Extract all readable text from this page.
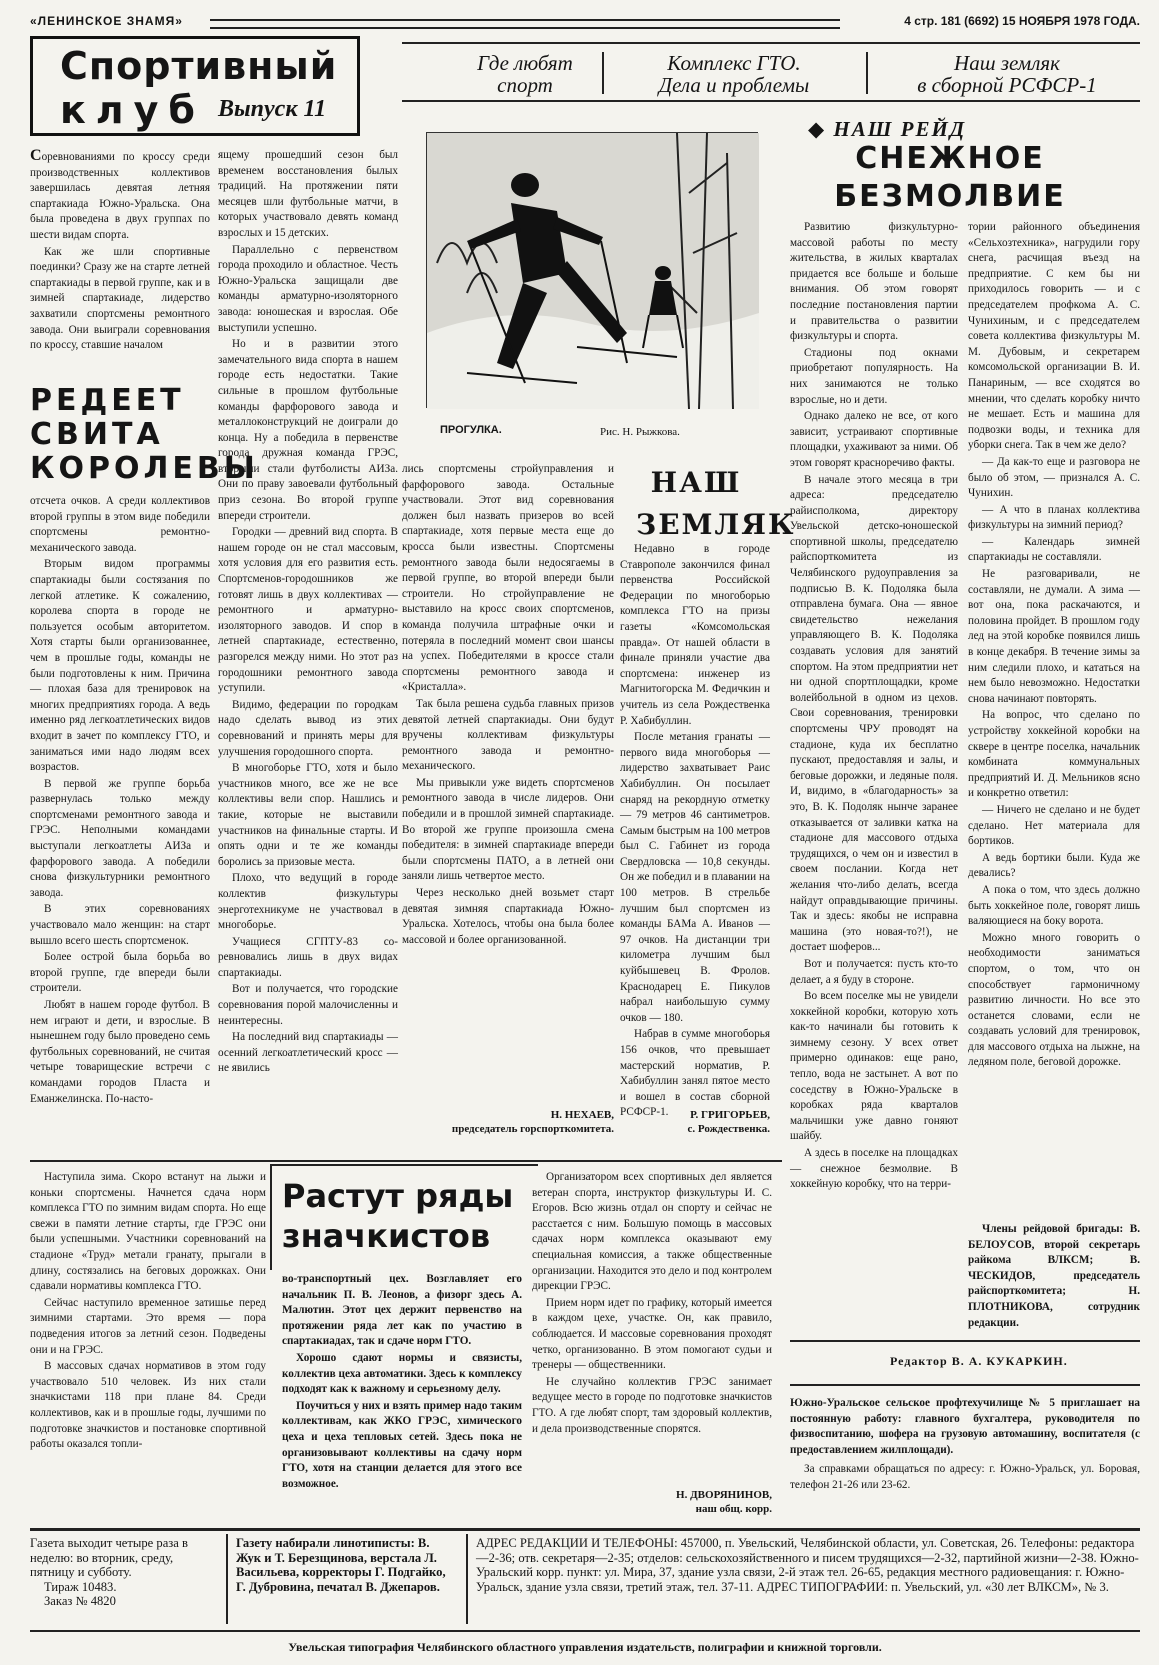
«ЛЕНИНСКОЕ ЗНАМЯ»	4 стр. 181 (6692) 15 НОЯБРЯ 1978 ГОДА.
Спортивный
клуб Выпуск 11
Где любят
спорт
Комплекс ГТО.
Дела и проблемы
Наш земляк
в сборной РСФСР-1

Соревнованиями по кроссу среди производственных коллективов завершилась девятая летняя спартакиада Южно-Уральска. Она была проведена в двух группах по шести видам спорта.

Как же шли спортивные поединки? Сразу же на старте летней спартакиады в первой группе, как и в зимней спартакиаде, лидерство захватили спортсмены ремонтного завода. Они выиграли соревнования по кроссу, ставшие началом

РЕДЕЕТ
СВИТА
КОРОЛЕВЫ

отсчета очков. А среди коллективов второй группы в этом виде победили спортсмены ремонтно-механического завода.

Вторым видом программы спартакиады были состязания по легкой атлетике. К сожалению, королева спорта в городе не пользуется особым авторитетом. Хотя старты были организованнее, чем в прошлые годы, команды не были подготовлены к ним. Причина — плохая база для тренировок на многих предприятиях города. А ведь именно ряд легкоатлетических видов входит в зачет по комплексу ГТО, и заниматься ими надо людям всех возрастов.

В первой же группе борьба развернулась только между спортсменами ремонтного завода и ГРЭС. Неполными командами выступали легкоатлеты АИЗа и фарфорового завода. А победили снова физкультурники ремонтного завода.

В этих соревнованиях участвовало мало женщин: на старт вышло всего шесть спортсменок.

Более острой была борьба во второй группе, где впереди были строители.

Любят в нашем городе футбол. В нем играют и дети, и взрослые. В нынешнем году было проведено семь футбольных соревнований, не считая четыре товарищеские встречи с командами городов Пласта и Еманжелинска. По-насто-

ящему прошедший сезон был временем восстановления былых традиций. На протяжении пяти месяцев шли футбольные матчи, в которых участвовало девять команд взрослых и 15 детских.

Параллельно с первенством города проходило и областное. Честь Южно-Уральска защищали две команды арматурно-изоляторного завода: юношеская и взрослая. Обе выступили успешно.

Но и в развитии этого замечательного вида спорта в нашем городе есть недостатки. Такие сильные в прошлом футбольные команды фарфорового завода и металлоконструкций не доиграли до конца. Ну а победила в первенстве города дружная команда ГРЭС, вторыми стали футболисты АИЗа. Они по праву завоевали футбольный приз сезона. Во второй группе впереди строители.

Городки — древний вид спорта. В нашем городе он не стал массовым, хотя условия для его развития есть. Спортсменов-городошников же готовят лишь в двух коллективах — ремонтного и арматурно-изоляторного заводов. И спор в летней спартакиаде, естественно, разгорелся между ними. Но этот раз городошники ремонтного завода уступили.

Видимо, федерации по городкам надо сделать вывод из этих соревнований и принять меры для улучшения городошного спорта.

В многоборье ГТО, хотя и было участников много, все же не все коллективы вели спор. Нашлись и такие, которые не выставили участников на финальные старты. И опять одни и те же команды боролись за призовые места.

Плохо, что ведущий в городе коллектив физкультуры энерготехникуме не участвовал в многоборье.

Учащиеся СГПТУ-83 соревновались лишь в двух видах спартакиады.

Вот и получается, что городские соревнования порой малочисленны и неинтересны.

На последний вид спартакиады — осенний легкоатлетический кросс — не явились

лись спортсмены стройуправления и фарфорового завода. Остальные участвовали. Этот вид соревнования должен был назвать призеров во всей спартакиаде, хотя первые места еще до кросса были известны. Спортсмены ремонтного завода были недосягаемы в первой группе, во второй впереди были строители. Но стройуправление не выставило на кросс своих спортсменов, команда получила штрафные очки и потеряла в последний момент свои шансы на успех. Победителями в кроссе стали спортсмены ремонтного завода и «Кристалла».

Так была решена судьба главных призов девятой летней спартакиады. Они будут вручены коллективам физкультуры ремонтного завода и ремонтно-механического.

Мы привыкли уже видеть спортсменов ремонтного завода в числе лидеров. Они победили и в прошлой зимней спартакиаде. Во второй же группе произошла смена победителя: в зимней спартакиаде впереди были спортсмены ПАТО, а в летней они заняли лишь четвертое место.

Через несколько дней возьмет старт девятая зимняя спартакиада Южно-Уральска. Хотелось, чтобы она была более массовой и более организованной.

Н. НЕХАЕВ,
председатель горспорткомитета.
ПРОГУЛКА.	Рис. Н. Рыжкова.
НАШ
ЗЕМЛЯК

Недавно в городе Ставрополе закончился финал первенства Российской Федерации по многоборью комплекса ГТО на призы газеты «Комсомольская правда». От нашей области в финале приняли участие два спортсмена: инженер из Магнитогорска М. Федичкин и учитель из села Рождественка Р. Хабибуллин.

После метания гранаты — первого вида многоборья — лидерство захватывает Раис Хабибуллин. Он посылает снаряд на рекордную отметку — 79 метров 46 сантиметров. Самым быстрым на 100 метров был С. Габинет из города Свердловска — 10,8 секунды. Он же победил и в плавании на 100 метров. В стрельбе лучшим был спортсмен из команды БАМа А. Иванов — 97 очков. На дистанции три километра лучшим был куйбышевец В. Фролов. Краснодарец Е. Пикулов набрал наибольшую сумму очков — 180.

Набрав в сумме многоборья 156 очков, что превышает мастерский норматив, Р. Хабибуллин занял пятое место и вошел в состав сборной РСФСР-1.	Р. ГРИГОРЬЕВ,
с. Рождественка.
◆ НАШ РЕЙД
СНЕЖНОЕ
БЕЗМОЛВИЕ

Развитию физкультурно-массовой работы по месту жительства, в жилых кварталах придается все больше и больше внимания. Об этом говорят последние постановления партии и правительства о развитии физкультуры и спорта.

Стадионы под окнами приобретают популярность. На них занимаются не только взрослые, но и дети.

Однако далеко не все, от кого зависит, устраивают спортивные площадки, ухаживают за ними. Об этом говорят красноречиво факты.

В начале этого месяца в три адреса: председателю райисполкома, директору Увельской детско-юношеской спортивной школы, председателю райспорткомитета из Челябинского рудоуправления за подписью В. К. Подоляка была отправлена бумага. Она — явное свидетельство нежелания управляющего В. К. Подоляка создавать условия для занятий спортом. На этом предприятии нет ни одной спортплощадки, кроме волейбольной в одном из цехов. Свои соревнования, тренировки спортсмены ЧРУ проводят на стадионе, куда их бесплатно пускают, предоставляя и залы, и беговые дорожки, и ледяные поля. И, видимо, в «благодарность» за это, В. К. Подоляк нынче заранее отказывается от заливки катка на стадионе для массового отдыха трудящихся, о чем он и известил в своем послании. Когда нет желания что-либо делать, всегда найдут оправдывающие причины. Так и здесь: якобы не исправна машина (это новая-то?!), не достает шоферов...

Вот и получается: пусть кто-то делает, а я буду в стороне.

Во всем поселке мы не увидели хоккейной коробки, которую хоть как-то начинали бы готовить к зимнему сезону. У всех ответ примерно одинаков: еще рано, тепло, вода не застынет. А вот по соседству в Южно-Уральске в коробках ряда кварталов мальчишки уже давно гоняют шайбу.

А здесь в поселке на площадках — снежное безмолвие. В хоккейную коробку, что на терри-

тории районного объединения «Сельхозтехника», нагрудили гору снега, расчищая въезд на предприятие. С кем бы ни приходилось говорить — и с председателем профкома А. С. Чунихиным, и с председателем совета коллектива физкультуры М. М. Дубовым, и секретарем комсомольской организации В. И. Панариным, — все сходятся во мнении, что сделать коробку ничто не мешает. Есть и машина для подвозки воды, и техника для уборки снега. Так в чем же дело?

— Да как-то еще и разговора не было об этом, — признался А. С. Чунихин.

— А что в планах коллектива физкультуры на зимний период?

— Календарь зимней спартакиады не составляли.

Не разговаривали, не составляли, не думали. А зима — вот она, пока раскачаются, и половина пройдет. В прошлом году лед на этой коробке появился лишь в конце декабря. В течение зимы за ним следили плохо, и кататься на нем было невозможно. Недостатки снова начинают повторять.

На вопрос, что сделано по устройству хоккейной коробки на сквере в центре поселка, начальник комбината коммунальных предприятий И. Д. Мельников ясно и конкретно ответил:

— Ничего не сделано и не будет сделано. Нет материала для бортиков.

А ведь бортики были. Куда же девались?

А пока о том, что здесь должно быть хоккейное поле, говорят лишь валяющиеся на боку ворота.

Можно много говорить о необходимости заниматься спортом, о том, что он способствует гармоничному развитию личности. Но все это останется словами, если не создавать условий для тренировок, для массового отдыха на лыжне, на ледяном поле, беговой дорожке.

Члены рейдовой бригады: В. БЕЛОУСОВ, второй секретарь райкома ВЛКСМ; В. ЧЕСКИДОВ, председатель райспорткомитета; Н. ПЛОТНИКОВА, сотрудник редакции.

Наступила зима. Скоро встанут на лыжи и коньки спортсмены. Начнется сдача норм комплекса ГТО по зимним видам спорта. Но еще свежи в памяти летние старты, где ГРЭС они были успешными. Участники соревнований на стадионе «Труд» метали гранату, прыгали в длину, состязались на беговых дорожках. Они сдавали нормативы комплекса ГТО.

Сейчас наступило временное затишье перед зимними стартами. Это время — пора подведения итогов за летний сезон. Подведены они и на ГРЭС.

В массовых сдачах нормативов в этом году участвовало 510 человек. Из них стали значкистами 118 при плане 84. Среди коллективов, как и в прошлые годы, лучшими по подготовке значкистов и постановке спортивной работы оказался топли-

Растут ряды
значкистов

во-транспортный цех. Возглавляет его начальник П. В. Леонов, а физорг здесь А. Малютин. Этот цех держит первенство на протяжении ряда лет как по участию в спартакиадах, так и сдаче норм ГТО.

Хорошо сдают нормы и связисты, коллектив цеха автоматики. Здесь к комплексу подходят как к важному и серьезному делу.

Поучиться у них и взять пример надо таким коллективам, как ЖКО ГРЭС, химического цеха и цеха тепловых сетей. Здесь пока не организовывают коллективы на сдачу норм ГТО, хотя на станции делается для этого все возможное.

Организатором всех спортивных дел является ветеран спорта, инструктор физкультуры И. С. Егоров. Всю жизнь отдал он спорту и сейчас не расстается с ним. Большую помощь в массовых сдачах норм комплекса оказывают ему специальная комиссия, а также общественные организации. Находится это дело и под контролем дирекции ГРЭС.

Прием норм идет по графику, который имеется в каждом цехе, участке. Он, как правило, соблюдается. И массовые соревнования проходят четко, организованно. В этом помогают судьи и тренеры — общественники.

Не случайно коллектив ГРЭС занимает ведущее место в городе по подготовке значкистов ГТО. А где любят спорт, там здоровый коллектив, и дела производственные спорятся.

Н. ДВОРЯНИНОВ,
наш общ. корр.
Редактор В. А. КУКАРКИН.
Южно-Уральское сельское профтехучилище № 5 приглашает на постоянную работу: главного бухгалтера, руководителя по физвоспитанию, шофера на грузовую автомашину, воспитателя (с предоставлением жилплощади).
За справками обращаться по адресу: г. Южно-Уральск, ул. Боровая, телефон 21-26 или 23-62.
Газета выходит четыре раза в неделю: во вторник, среду, пятницу и субботу.
Тираж 10483.
Заказ № 4820
Газету набирали линотиписты: В. Жук и Т. Березщинова, верстала Л. Васильева, корректоры Г. Подгайко, Г. Дубровина, печатал В. Джепаров.
АДРЕС РЕДАКЦИИ И ТЕЛЕФОНЫ: 457000, п. Увельский, Челябинской области, ул. Советская, 26. Телефоны: редактора—2-36; отв. секретаря—2-35; отделов: сельскохозяйственного и писем трудящихся—2-32, партийной жизни—2-38. Южно-Уральский корр. пункт: ул. Мира, 37, здание узла связи, 2-й этаж тел. 26-65, редакция местного радиовещания: г. Южно-Уральск, здание узла связи, третий этаж, тел. 37-11. АДРЕС ТИПОГРАФИИ: п. Увельский, ул. «30 лет ВЛКСМ», № 3.
Увельская типография Челябинского областного управления издательств, полиграфии и книжной торговли.
